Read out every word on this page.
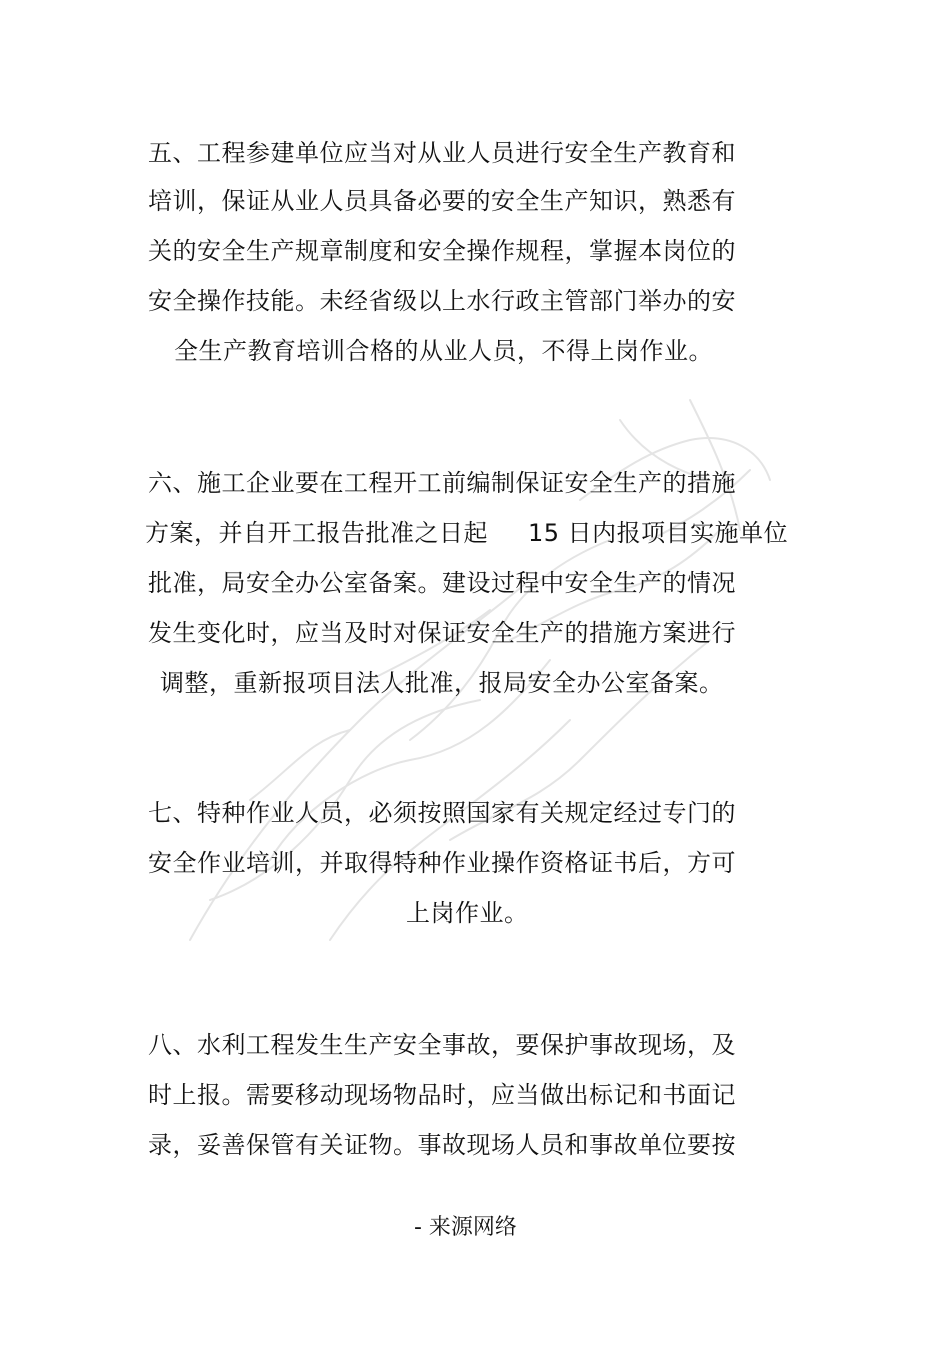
五、工程参建单位应当对从业人员进行安全生产教育和
培训，保证从业人员具备必要的安全生产知识，熟悉有
关的安全生产规章制度和安全操作规程，掌握本岗位的
安全操作技能。未经省级以上水行政主管部门举办的安
全生产教育培训合格的从业人员，不得上岗作业。
六、施工企业要在工程开工前编制保证安全生产的措施
方案，并自开工报告批准之日起 15 日内报项目实施单位
批准，局安全办公室备案。建设过程中安全生产的情况
发生变化时，应当及时对保证安全生产的措施方案进行
调整，重新报项目法人批准，报局安全办公室备案。
七、特种作业人员，必须按照国家有关规定经过专门的
安全作业培训，并取得特种作业操作资格证书后，方可
上岗作业。
八、水利工程发生生产安全事故，要保护事故现场，及
时上报。需要移动现场物品时，应当做出标记和书面记
录，妥善保管有关证物。事故现场人员和事故单位要按
- 来源网络
